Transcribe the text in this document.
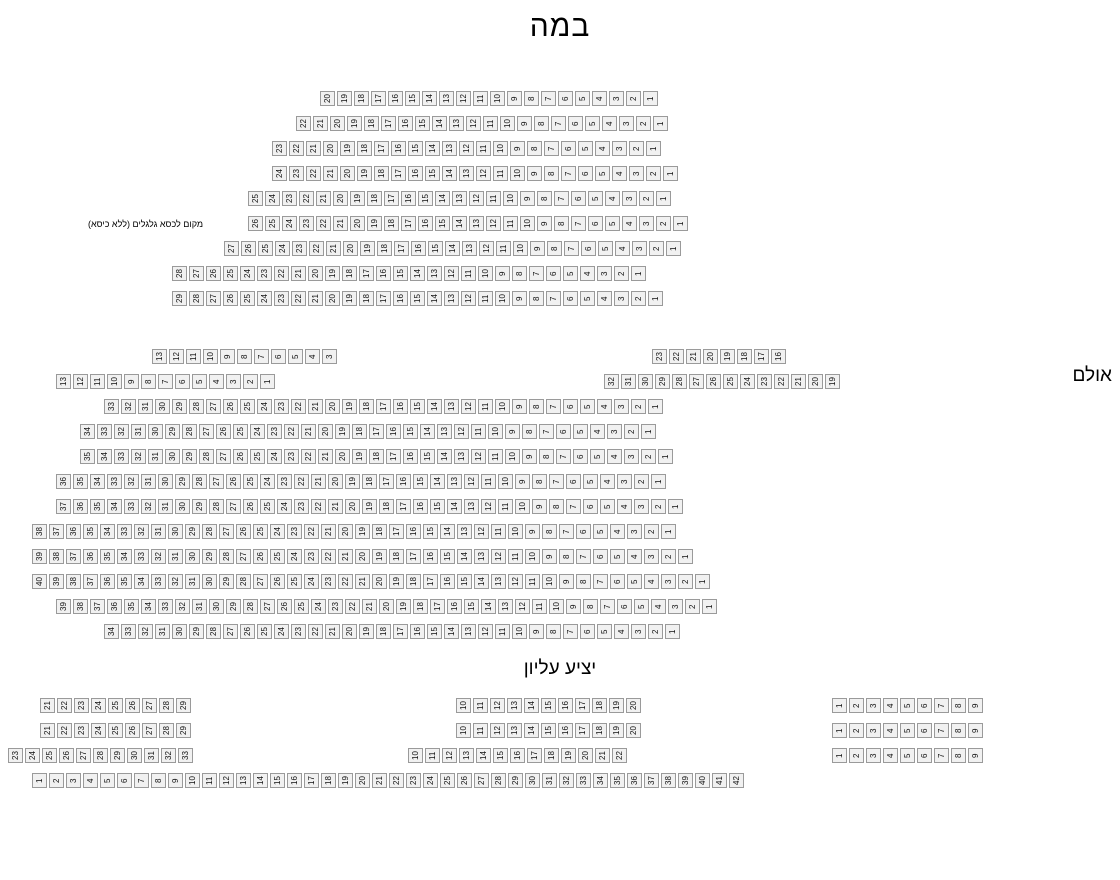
במה
אולם
יציע עליון
מקום לכסא גלגלים (ללא כיסא)
20	19	18	17	16	15	14	13	12	11	10	9	8	7	6	5	4	3	2	1
22	21	20	19	18	17	16	15	14	13	12	11	10	9	8	7	6	5	4	3	2	1
23	22	21	20	19	18	17	16	15	14	13	12	11	10	9	8	7	6	5	4	3	2	1
24	23	22	21	20	19	18	17	16	15	14	13	12	11	10	9	8	7	6	5	4	3	2	1
25	24	23	22	21	20	19	18	17	16	15	14	13	12	11	10	9	8	7	6	5	4	3	2	1
26	25	24	23	22	21	20	19	18	17	16	15	14	13	12	11	10	9	8	7	6	5	4	3	2	1
27	26	25	24	23	22	21	20	19	18	17	16	15	14	13	12	11	10	9	8	7	6	5	4	3	2	1
28	27	26	25	24	23	22	21	20	19	18	17	16	15	14	13	12	11	10	9	8	7	6	5	4	3	2	1
29	28	27	26	25	24	23	22	21	20	19	18	17	16	15	14	13	12	11	10	9	8	7	6	5	4	3	2	1
13	12	11	10	9	8	7	6	5	4	3	23	22	21	20	19	18	17	16
13	12	11	10	9	8	7	6	5	4	3	2	1	32	31	30	29	28	27	26	25	24	23	22	21	20	19
33	32	31	30	29	28	27	26	25	24	23	22	21	20	19	18	17	16	15	14	13	12	11	10	9	8	7	6	5	4	3	2	1
34	33	32	31	30	29	28	27	26	25	24	23	22	21	20	19	18	17	16	15	14	13	12	11	10	9	8	7	6	5	4	3	2	1
35	34	33	32	31	30	29	28	27	26	25	24	23	22	21	20	19	18	17	16	15	14	13	12	11	10	9	8	7	6	5	4	3	2	1
36	35	34	33	32	31	30	29	28	27	26	25	24	23	22	21	20	19	18	17	16	15	14	13	12	11	10	9	8	7	6	5	4	3	2	1
37	36	35	34	33	32	31	30	29	28	27	26	25	24	23	22	21	20	19	18	17	16	15	14	13	12	11	10	9	8	7	6	5	4	3	2	1
38	37	36	35	34	33	32	31	30	29	28	27	26	25	24	23	22	21	20	19	18	17	16	15	14	13	12	11	10	9	8	7	6	5	4	3	2	1
39	38	37	36	35	34	33	32	31	30	29	28	27	26	25	24	23	22	21	20	19	18	17	16	15	14	13	12	11	10	9	8	7	6	5	4	3	2	1
40	39	38	37	36	35	34	33	32	31	30	29	28	27	26	25	24	23	22	21	20	19	18	17	16	15	14	13	12	11	10	9	8	7	6	5	4	3	2	1
39	38	37	36	35	34	33	32	31	30	29	28	27	26	25	24	23	22	21	20	19	18	17	16	15	14	13	12	11	10	9	8	7	6	5	4	3	2	1
34	33	32	31	30	29	28	27	26	25	24	23	22	21	20	19	18	17	16	15	14	13	12	11	10	9	8	7	6	5	4	3	2	1
21	22	23	24	25	26	27	28	29	10	11	12	13	14	15	16	17	18	19	20	1	2	3	4	5	6	7	8	9
21	22	23	24	25	26	27	28	29	10	11	12	13	14	15	16	17	18	19	20	1	2	3	4	5	6	7	8	9
23	24	25	26	27	28	29	30	31	32	33	10	11	12	13	14	15	16	17	18	19	20	21	22	1	2	3	4	5	6	7	8	9
1	2	3	4	5	6	7	8	9	10	11	12	13	14	15	16	17	18	19	20	21	22	23	24	25	26	27	28	29	30	31	32	33	34	35	36	37	38	39	40	41	42
